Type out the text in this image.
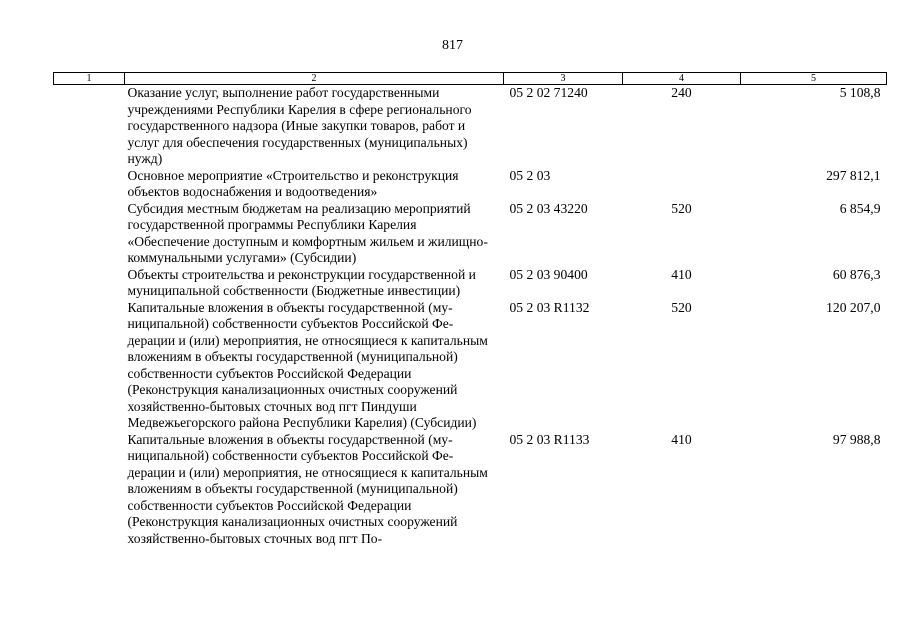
817
1	2	3	4	5
	Оказание услуг, выполнение работ государственными учреждениями Республики Карелия в сфере регионального государственного надзора (Иные закупки товаров, работ и услуг для обеспечения государственных (муниципальных) нужд)	05 2 02 71240	240	5 108,8
	Основное мероприятие «Строительство и реконструкция объектов водоснабжения и водоотведения»	05 2 03		297 812,1
	Субсидия местным бюджетам на реализацию мероприятий государственной программы Республики Карелия «Обеспечение доступным и комфортным жильем и жилищно-коммунальными услугами» (Субсидии)	05 2 03 43220	520	6 854,9
	Объекты строительства и реконструкции государственной и муниципальной собственности (Бюджетные инвестиции)	05 2 03 90400	410	60 876,3
	Капитальные вложения в объекты государственной (муниципальной) собственности субъектов Российской Федерации и (или) мероприятия, не относящиеся к капитальным вложениям в объекты государственной (муниципальной) собственности субъектов Российской Федерации (Реконструкция канализационных очистных сооружений хозяйственно-бытовых сточных вод пгт Пиндуши Медвежьегорского района Республики Карелия) (Субсидии)	05 2 03 R1132	520	120 207,0
	Капитальные вложения в объекты государственной (муниципальной) собственности субъектов Российской Федерации и (или) мероприятия, не относящиеся к капитальным вложениям в объекты государственной (муниципальной) собственности субъектов Российской Федерации (Реконструкция канализационных очистных сооружений хозяйственно-бытовых сточных вод пгт По-	05 2 03 R1133	410	97 988,8
